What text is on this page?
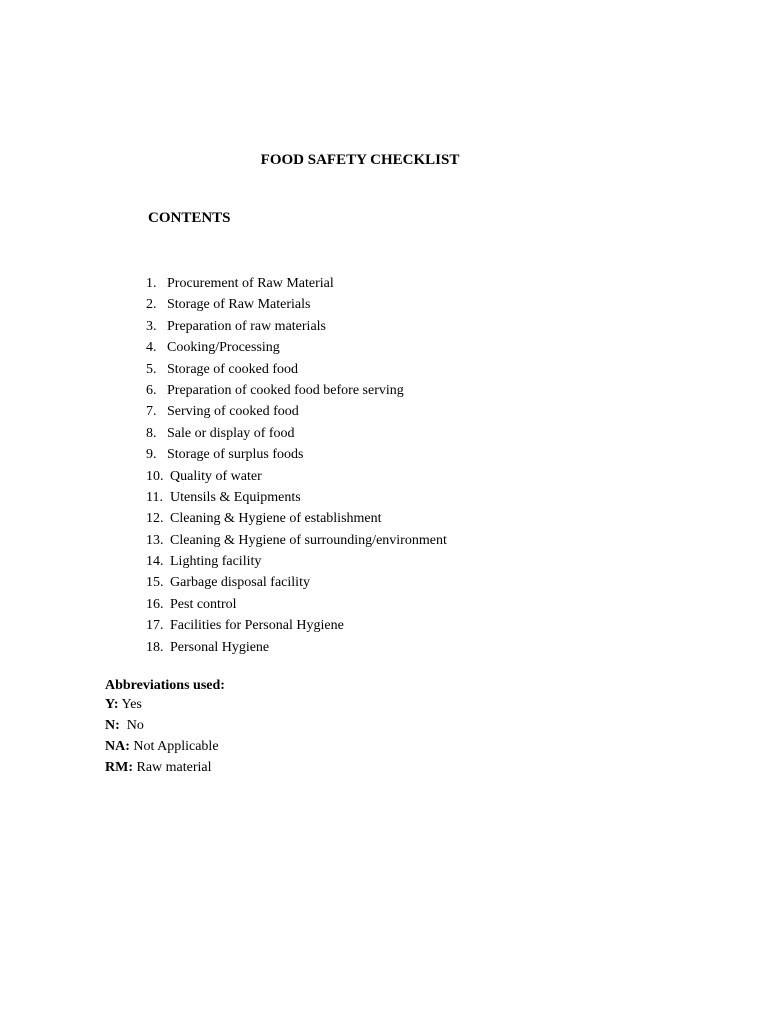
FOOD SAFETY CHECKLIST
CONTENTS
1. Procurement of Raw Material
2. Storage of Raw Materials
3. Preparation of raw materials
4. Cooking/Processing
5. Storage of cooked food
6. Preparation of cooked food before serving
7. Serving of cooked food
8. Sale or display of food
9. Storage of surplus foods
10. Quality of water
11. Utensils & Equipments
12. Cleaning & Hygiene of establishment
13. Cleaning & Hygiene of surrounding/environment
14. Lighting facility
15. Garbage disposal facility
16. Pest control
17. Facilities for Personal Hygiene
18. Personal Hygiene
Abbreviations used:
Y: Yes
N:  No
NA: Not Applicable
RM: Raw material
